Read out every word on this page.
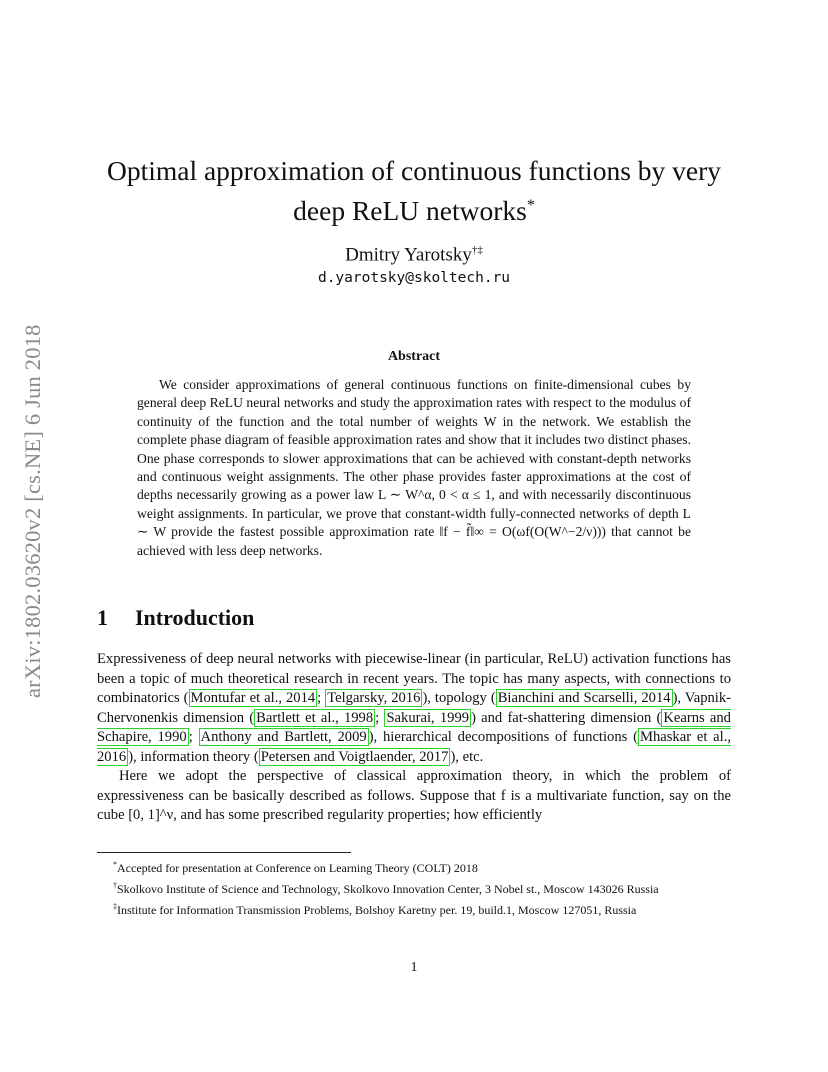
arXiv:1802.03620v2 [cs.NE] 6 Jun 2018
Optimal approximation of continuous functions by very
deep ReLU networks*
Dmitry Yarotsky†‡
d.yarotsky@skoltech.ru
Abstract
We consider approximations of general continuous functions on finite-dimensional cubes by general deep ReLU neural networks and study the approximation rates with respect to the modulus of continuity of the function and the total number of weights W in the network. We establish the complete phase diagram of feasible approximation rates and show that it includes two distinct phases. One phase corresponds to slower approximations that can be achieved with constant-depth networks and continuous weight assignments. The other phase provides faster approximations at the cost of depths necessarily growing as a power law L ∼ W^α, 0 < α ≤ 1, and with necessarily discontinuous weight assignments. In particular, we prove that constant-width fully-connected networks of depth L ∼ W provide the fastest possible approximation rate ‖f − f̃‖∞ = O(ωf(O(W^−2/ν))) that cannot be achieved with less deep networks.
1 Introduction

Expressiveness of deep neural networks with piecewise-linear (in particular, ReLU) activation functions has been a topic of much theoretical research in recent years. The topic has many aspects, with connections to combinatorics ( Montufar et al., 2014 ; Telgarsky, 2016 ), topology ( Bianchini and Scarselli, 2014 ), Vapnik-Chervonenkis dimension ( Bartlett et al., 1998 ; Sakurai, 1999 ) and fat-shattering dimension ( Kearns and Schapire, 1990 ; Anthony and Bartlett, 2009 ), hierarchical decompositions of functions ( Mhaskar et al., 2016 ), information theory ( Petersen and Voigtlaender, 2017 ), etc.

Here we adopt the perspective of classical approximation theory, in which the problem of expressiveness can be basically described as follows. Suppose that f is a multivariate function, say on the cube [0, 1]^ν, and has some prescribed regularity properties; how efficiently

*Accepted for presentation at Conference on Learning Theory (COLT) 2018

†Skolkovo Institute of Science and Technology, Skolkovo Innovation Center, 3 Nobel st., Moscow 143026 Russia

‡Institute for Information Transmission Problems, Bolshoy Karetny per. 19, build.1, Moscow 127051, Russia

1
